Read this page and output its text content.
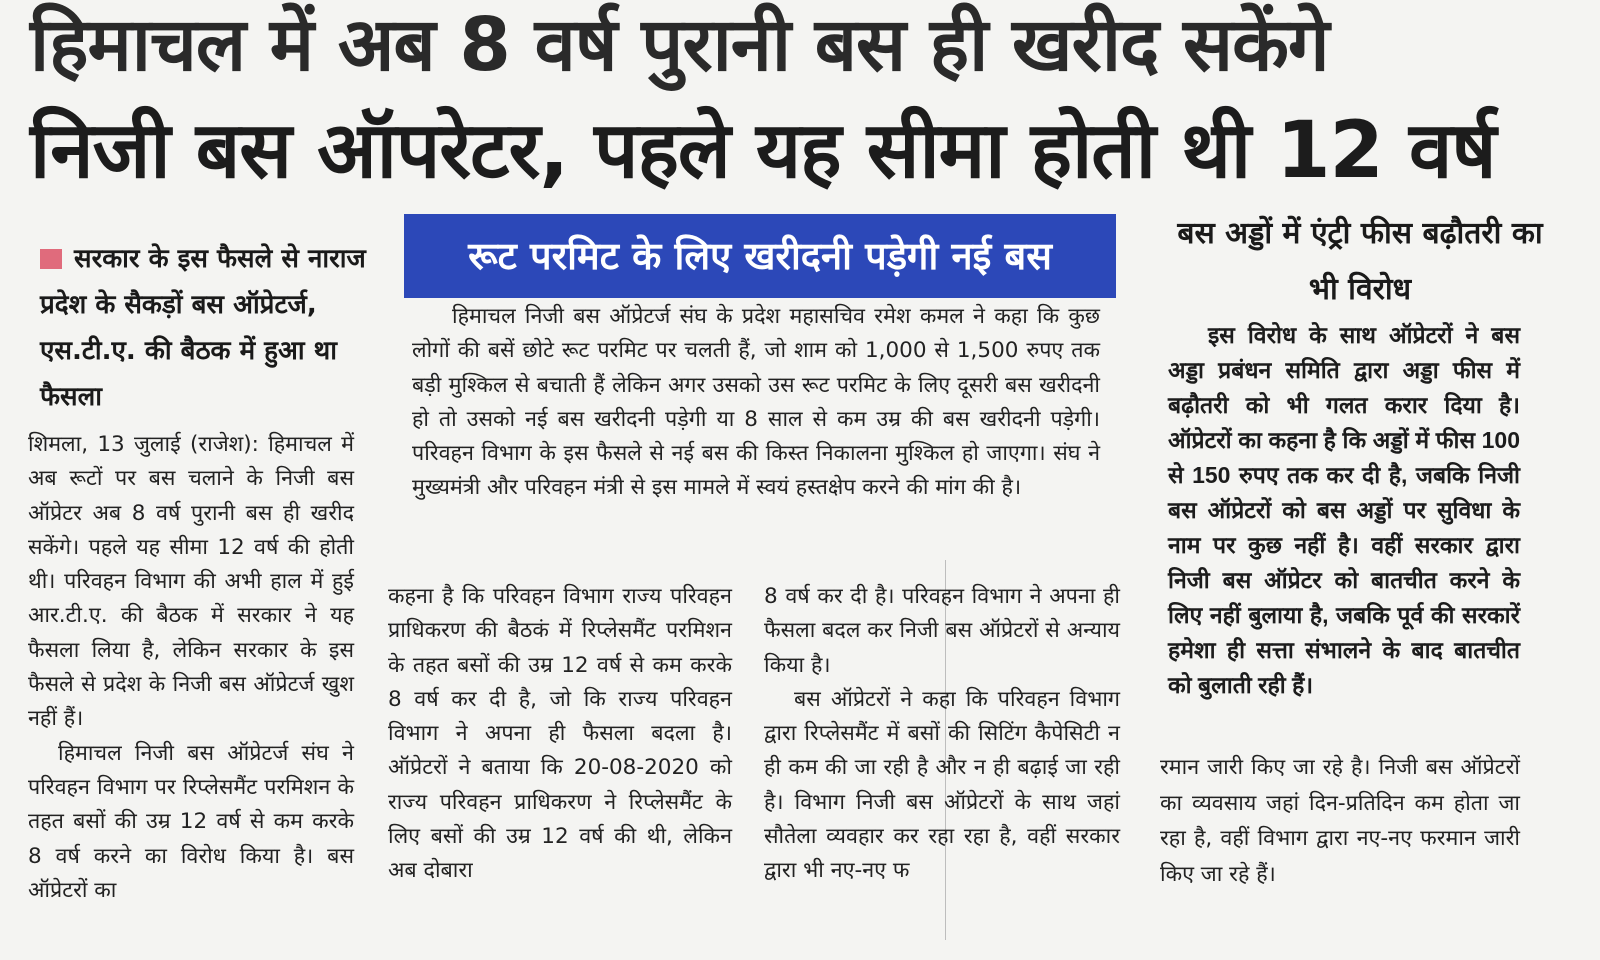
हिमाचल में अब 8 वर्ष पुरानी बस ही खरीद सकेंगे
निजी बस ऑपरेटर, पहले यह सीमा होती थी 12 वर्ष
सरकार के इस फैसले से नाराज प्रदेश के सैकड़ों बस ऑप्रेटर्ज, एस.टी.ए. की बैठक में हुआ था फैसला

शिमला, 13 जुलाई (राजेश): हिमाचल में अब रूटों पर बस चलाने के निजी बस ऑप्रेटर अब 8 वर्ष पुरानी बस ही खरीद सकेंगे। पहले यह सीमा 12 वर्ष की होती थी। परिवहन विभाग की अभी हाल में हुई आर.टी.ए. की बैठक में सरकार ने यह फैसला लिया है, लेकिन सरकार के इस फैसले से प्रदेश के निजी बस ऑप्रेटर्ज खुश नहीं हैं।

हिमाचल निजी बस ऑप्रेटर्ज संघ ने परिवहन विभाग पर रिप्लेसमैंट परमिशन के तहत बसों की उम्र 12 वर्ष से कम करके 8 वर्ष करने का विरोध किया है। बस ऑप्रेटरों का

रूट परमिट के लिए खरीदनी पड़ेगी नई बस

हिमाचल निजी बस ऑप्रेटर्ज संघ के प्रदेश महासचिव रमेश कमल ने कहा कि कुछ लोगों की बसें छोटे रूट परमिट पर चलती हैं, जो शाम को 1,000 से 1,500 रुपए तक बड़ी मुश्किल से बचाती हैं लेकिन अगर उसको उस रूट परमिट के लिए दूसरी बस खरीदनी हो तो उसको नई बस खरीदनी पड़ेगी या 8 साल से कम उम्र की बस खरीदनी पड़ेगी। परिवहन विभाग के इस फैसले से नई बस की किस्त निकालना मुश्किल हो जाएगा। संघ ने मुख्यमंत्री और परिवहन मंत्री से इस मामले में स्वयं हस्तक्षेप करने की मांग की है।

कहना है कि परिवहन विभाग राज्य परिवहन प्राधिकरण की बैठकं में रिप्लेसमैंट परमिशन के तहत बसों की उम्र 12 वर्ष से कम करके 8 वर्ष कर दी है, जो कि राज्य परिवहन विभाग ने अपना ही फैसला बदला है। ऑप्रेटरों ने बताया कि 20-08-2020 को राज्य परिवहन प्राधिकरण ने रिप्लेसमैंट के लिए बसों की उम्र 12 वर्ष की थी, लेकिन अब दोबारा

8 वर्ष कर दी है। परिवहन विभाग ने अपना ही फैसला बदल कर निजी बस ऑप्रेटरों से अन्याय किया है।

बस ऑप्रेटरों ने कहा कि परिवहन विभाग द्वारा रिप्लेसमैंट में बसों की सिटिंग कैपेसिटी न ही कम की जा रही है और न ही बढ़ाई जा रही है। विभाग निजी बस ऑप्रेटरों के साथ जहां सौतेला व्यवहार कर रहा रहा है, वहीं सरकार द्वारा भी नए-नए फ

बस अड्डों में एंट्री फीस बढ़ौतरी का भी विरोध

इस विरोध के साथ ऑप्रेटरों ने बस अड्डा प्रबंधन समिति द्वारा अड्डा फीस में बढ़ौतरी को भी गलत करार दिया है। ऑप्रेटरों का कहना है कि अड्डों में फीस 100 से 150 रुपए तक कर दी है, जबकि निजी बस ऑप्रेटरों को बस अड्डों पर सुविधा के नाम पर कुछ नहीं है। वहीं सरकार द्वारा निजी बस ऑप्रेटर को बातचीत करने के लिए नहीं बुलाया है, जबकि पूर्व की सरकारें हमेशा ही सत्ता संभालने के बाद बातचीत को बुलाती रही हैं।

रमान जारी किए जा रहे है। निजी बस ऑप्रेटरों का व्यवसाय जहां दिन-प्रतिदिन कम होता जा रहा है, वहीं विभाग द्वारा नए-नए फरमान जारी किए जा रहे हैं।
